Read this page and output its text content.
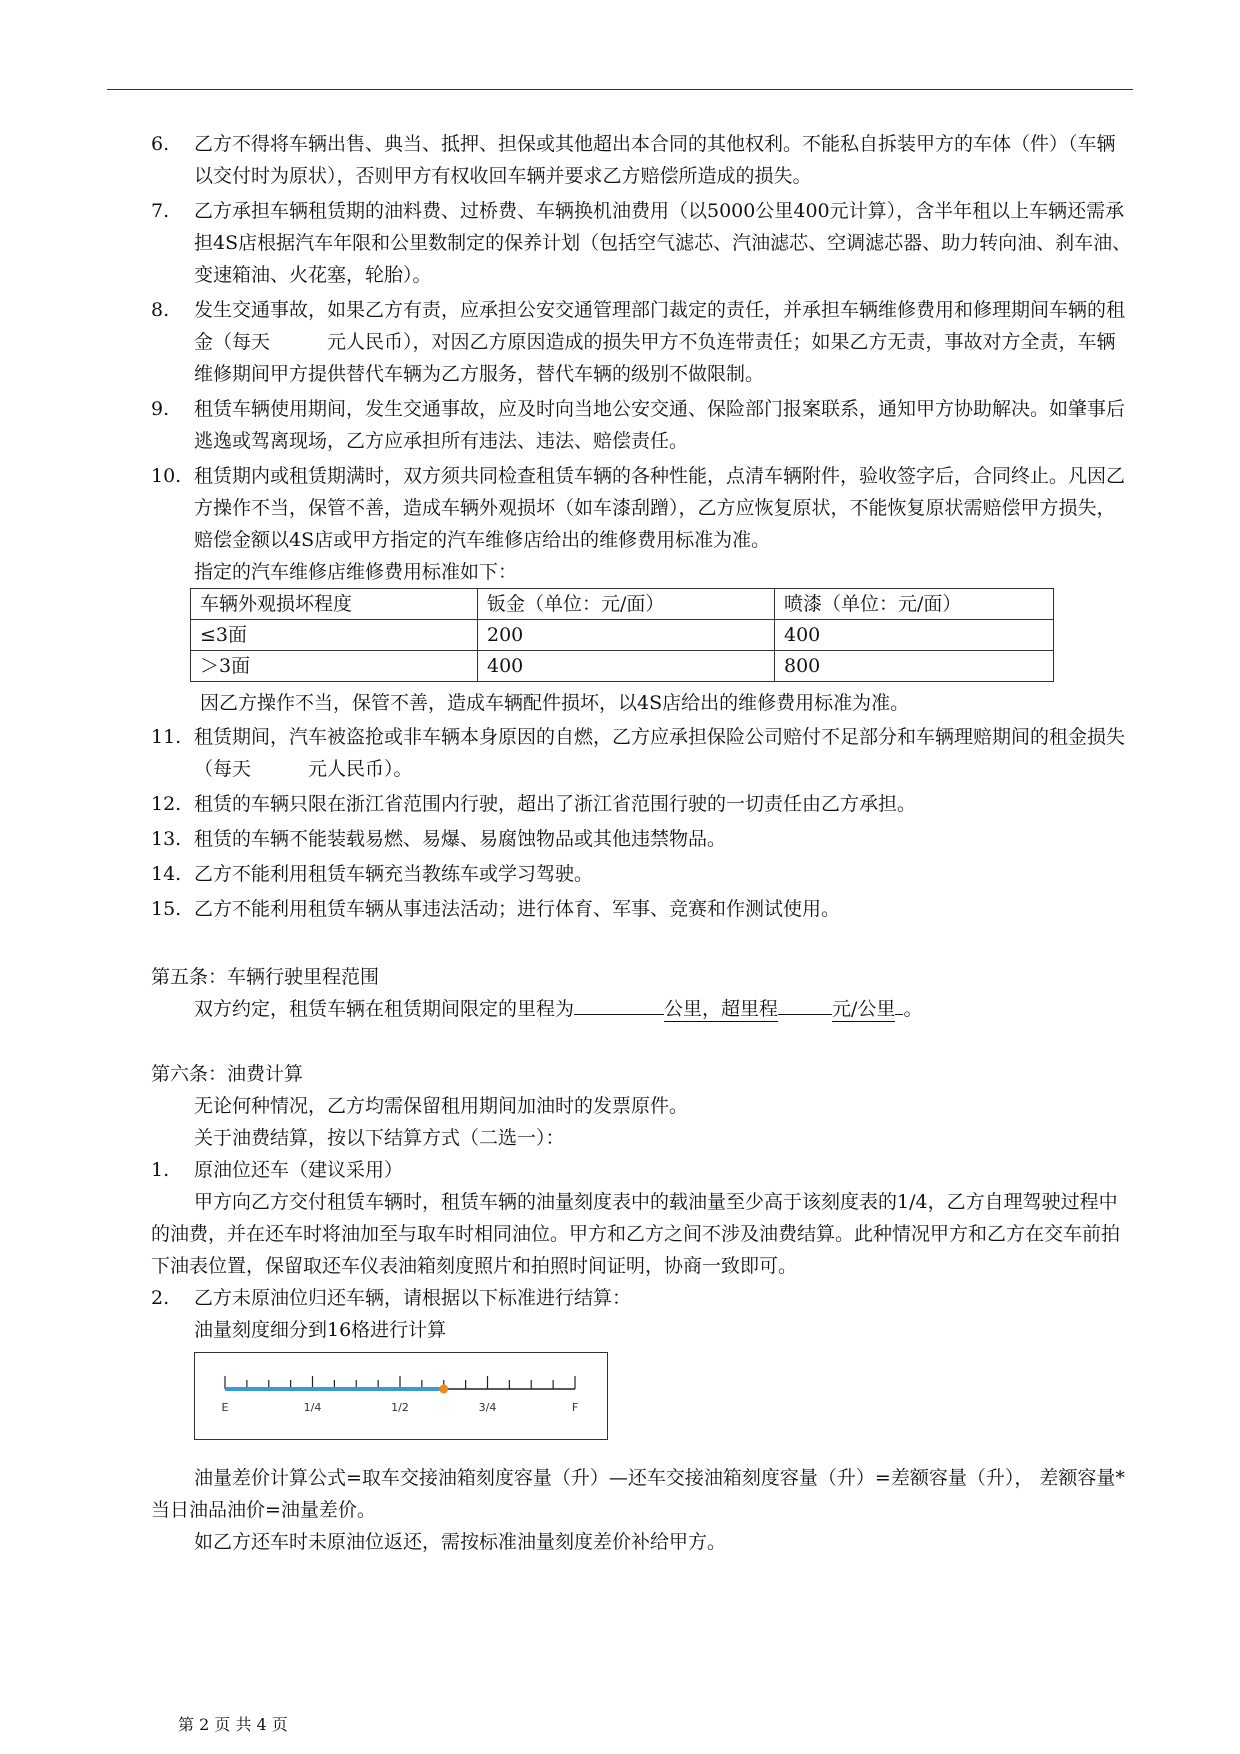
6.	乙方不得将车辆出售、典当、抵押、担保或其他超出本合同的其他权利。不能私自拆装甲方的车体（件）（车辆以交付时为原状），否则甲方有权收回车辆并要求乙方赔偿所造成的损失。
7.	乙方承担车辆租赁期的油料费、过桥费、车辆换机油费用（以5000公里400元计算），含半年租以上车辆还需承担4S店根据汽车年限和公里数制定的保养计划（包括空气滤芯、汽油滤芯、空调滤芯器、助力转向油、刹车油、变速箱油、火花塞，轮胎）。
8.	发生交通事故，如果乙方有责，应承担公安交通管理部门裁定的责任，并承担车辆维修费用和修理期间车辆的租金（每天　　　元人民币），对因乙方原因造成的损失甲方不负连带责任；如果乙方无责，事故对方全责，车辆维修期间甲方提供替代车辆为乙方服务，替代车辆的级别不做限制。
9.	租赁车辆使用期间，发生交通事故，应及时向当地公安交通、保险部门报案联系，通知甲方协助解决。如肇事后逃逸或驾离现场，乙方应承担所有违法、违法、赔偿责任。
10. 租赁期内或租赁期满时，双方须共同检查租赁车辆的各种性能，点清车辆附件，验收签字后，合同终止。凡因乙方操作不当，保管不善，造成车辆外观损坏（如车漆刮蹭），乙方应恢复原状，不能恢复原状需赔偿甲方损失，赔偿金额以4S店或甲方指定的汽车维修店给出的维修费用标准为准。
指定的汽车维修店维修费用标准如下：
车辆外观损坏程度	钣金（单位：元/面）	喷漆（单位：元/面）
≤3面	200	400
＞3面	400	800
因乙方操作不当，保管不善，造成车辆配件损坏，以4S店给出的维修费用标准为准。
11. 租赁期间，汽车被盗抢或非车辆本身原因的自燃，乙方应承担保险公司赔付不足部分和车辆理赔期间的租金损失（每天　　　元人民币）。
12. 租赁的车辆只限在浙江省范围内行驶，超出了浙江省范围行驶的一切责任由乙方承担。
13. 租赁的车辆不能装载易燃、易爆、易腐蚀物品或其他违禁物品。
14. 乙方不能利用租赁车辆充当教练车或学习驾驶。
15. 乙方不能利用租赁车辆从事违法活动；进行体育、军事、竞赛和作测试使用。
第五条：车辆行驶里程范围
双方约定，租赁车辆在租赁期间限定的里程为	公里，超里程	元/公里 。
第六条：油费计算
无论何种情况，乙方均需保留租用期间加油时的发票原件。
关于油费结算，按以下结算方式（二选一）：
1.	原油位还车（建议采用）
甲方向乙方交付租赁车辆时，租赁车辆的油量刻度表中的载油量至少高于该刻度表的1/4，乙方自理驾驶过程中的油费，并在还车时将油加至与取车时相同油位。甲方和乙方之间不涉及油费结算。此种情况甲方和乙方在交车前拍下油表位置，保留取还车仪表油箱刻度照片和拍照时间证明，协商一致即可。
2.	乙方未原油位归还车辆，请根据以下标准进行结算：
油量刻度细分到16格进行计算
E	1/4	1/2	3/4	F
油量差价计算公式=取车交接油箱刻度容量（升）—还车交接油箱刻度容量（升）=差额容量（升）， 差额容量*当日油品油价=油量差价。
如乙方还车时未原油位返还，需按标准油量刻度差价补给甲方。
第 2 页 共 4 页
